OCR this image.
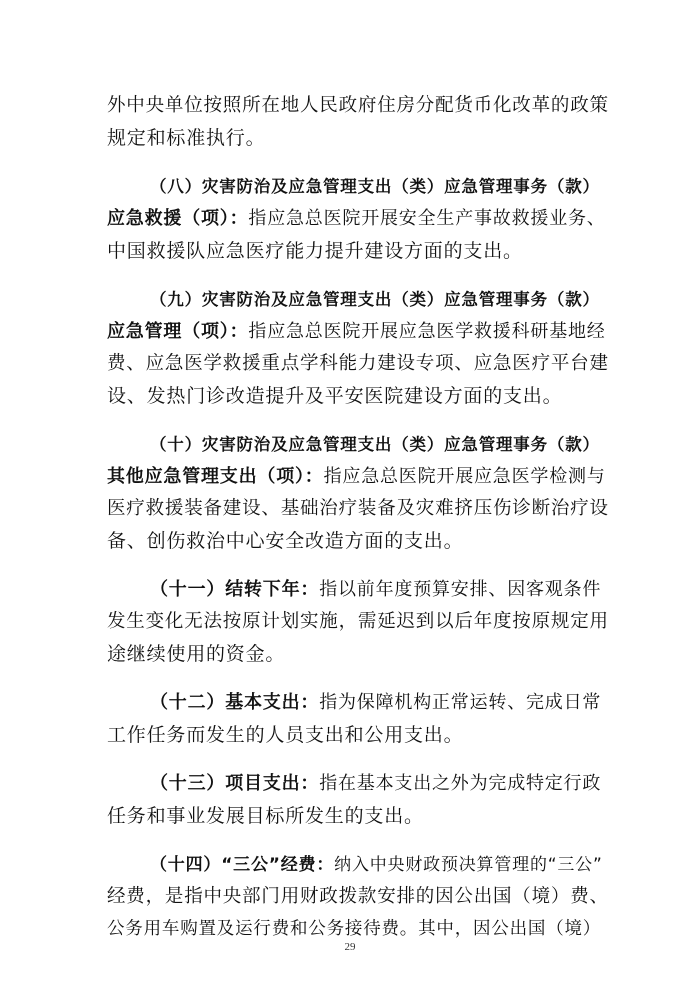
外中央单位按照所在地人民政府住房分配货币化改革的政策
规定和标准执行。
（八）灾害防治及应急管理支出（类）应急管理事务（款）
应急救援（项）：指应急总医院开展安全生产事故救援业务、
中国救援队应急医疗能力提升建设方面的支出。
（九）灾害防治及应急管理支出（类）应急管理事务（款）
应急管理（项）：指应急总医院开展应急医学救援科研基地经
费、应急医学救援重点学科能力建设专项、应急医疗平台建
设、发热门诊改造提升及平安医院建设方面的支出。
（十）灾害防治及应急管理支出（类）应急管理事务（款）
其他应急管理支出（项）：指应急总医院开展应急医学检测与
医疗救援装备建设、基础治疗装备及灾难挤压伤诊断治疗设
备、创伤救治中心安全改造方面的支出。
（十一）结转下年：指以前年度预算安排、因客观条件
发生变化无法按原计划实施，需延迟到以后年度按原规定用
途继续使用的资金。
（十二）基本支出：指为保障机构正常运转、完成日常
工作任务而发生的人员支出和公用支出。
（十三）项目支出：指在基本支出之外为完成特定行政
任务和事业发展目标所发生的支出。
（十四）“三公”经费：纳入中央财政预决算管理的“三公”
经费，是指中央部门用财政拨款安排的因公出国（境）费、
公务用车购置及运行费和公务接待费。其中，因公出国（境）
29
